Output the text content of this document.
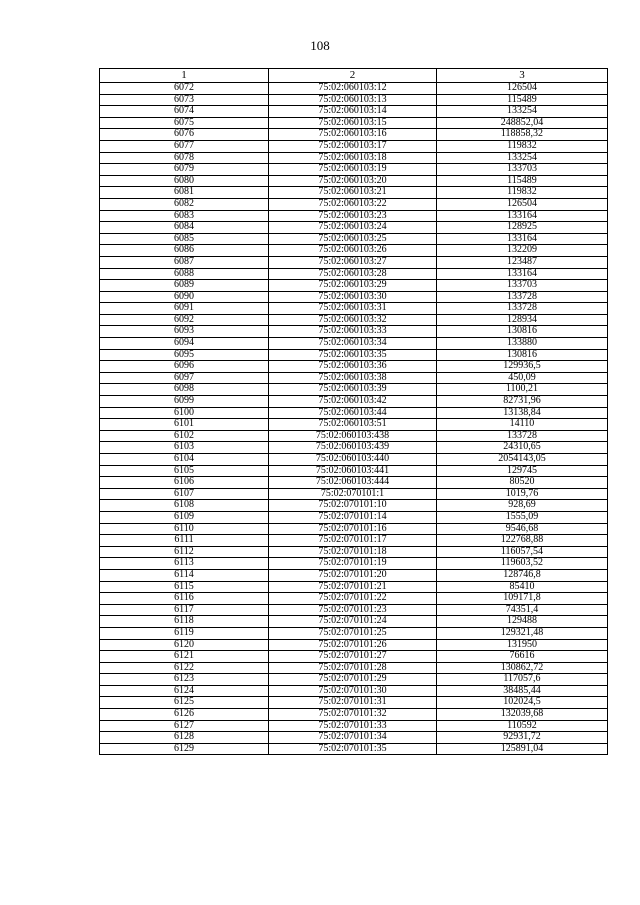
108
1	2	3
6072	75:02:060103:12	126504
6073	75:02:060103:13	115489
6074	75:02:060103:14	133254
6075	75:02:060103:15	248852,04
6076	75:02:060103:16	118858,32
6077	75:02:060103:17	119832
6078	75:02:060103:18	133254
6079	75:02:060103:19	133703
6080	75:02:060103:20	115489
6081	75:02:060103:21	119832
6082	75:02:060103:22	126504
6083	75:02:060103:23	133164
6084	75:02:060103:24	128925
6085	75:02:060103:25	133164
6086	75:02:060103:26	132209
6087	75:02:060103:27	123487
6088	75:02:060103:28	133164
6089	75:02:060103:29	133703
6090	75:02:060103:30	133728
6091	75:02:060103:31	133728
6092	75:02:060103:32	128934
6093	75:02:060103:33	130816
6094	75:02:060103:34	133880
6095	75:02:060103:35	130816
6096	75:02:060103:36	129936,5
6097	75:02:060103:38	450,09
6098	75:02:060103:39	1100,21
6099	75:02:060103:42	82731,96
6100	75:02:060103:44	13138,84
6101	75:02:060103:51	14110
6102	75:02:060103:438	133728
6103	75:02:060103:439	24310,65
6104	75:02:060103:440	2054143,05
6105	75:02:060103:441	129745
6106	75:02:060103:444	80520
6107	75:02:070101:1	1019,76
6108	75:02:070101:10	928,69
6109	75:02:070101:14	1555,09
6110	75:02:070101:16	9546,68
6111	75:02:070101:17	122768,88
6112	75:02:070101:18	116057,54
6113	75:02:070101:19	119603,52
6114	75:02:070101:20	128746,8
6115	75:02:070101:21	85410
6116	75:02:070101:22	109171,8
6117	75:02:070101:23	74351,4
6118	75:02:070101:24	129488
6119	75:02:070101:25	129321,48
6120	75:02:070101:26	131950
6121	75:02:070101:27	76616
6122	75:02:070101:28	130862,72
6123	75:02:070101:29	117057,6
6124	75:02:070101:30	38485,44
6125	75:02:070101:31	102024,5
6126	75:02:070101:32	132039,68
6127	75:02:070101:33	110592
6128	75:02:070101:34	92931,72
6129	75:02:070101:35	125891,04
